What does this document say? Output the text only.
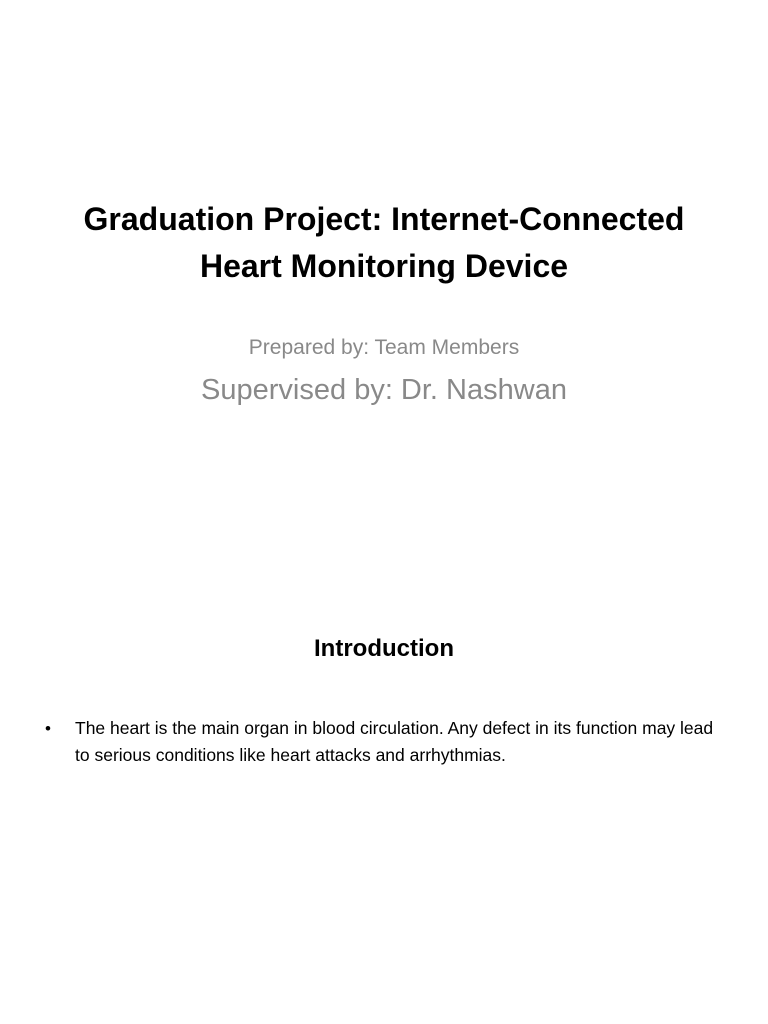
Graduation Project: Internet-Connected Heart Monitoring Device

Prepared by: Team Members

Supervised by: Dr. Nashwan

Introduction
• The heart is the main organ in blood circulation. Any defect in its function may lead to serious conditions like heart attacks and arrhythmias.
